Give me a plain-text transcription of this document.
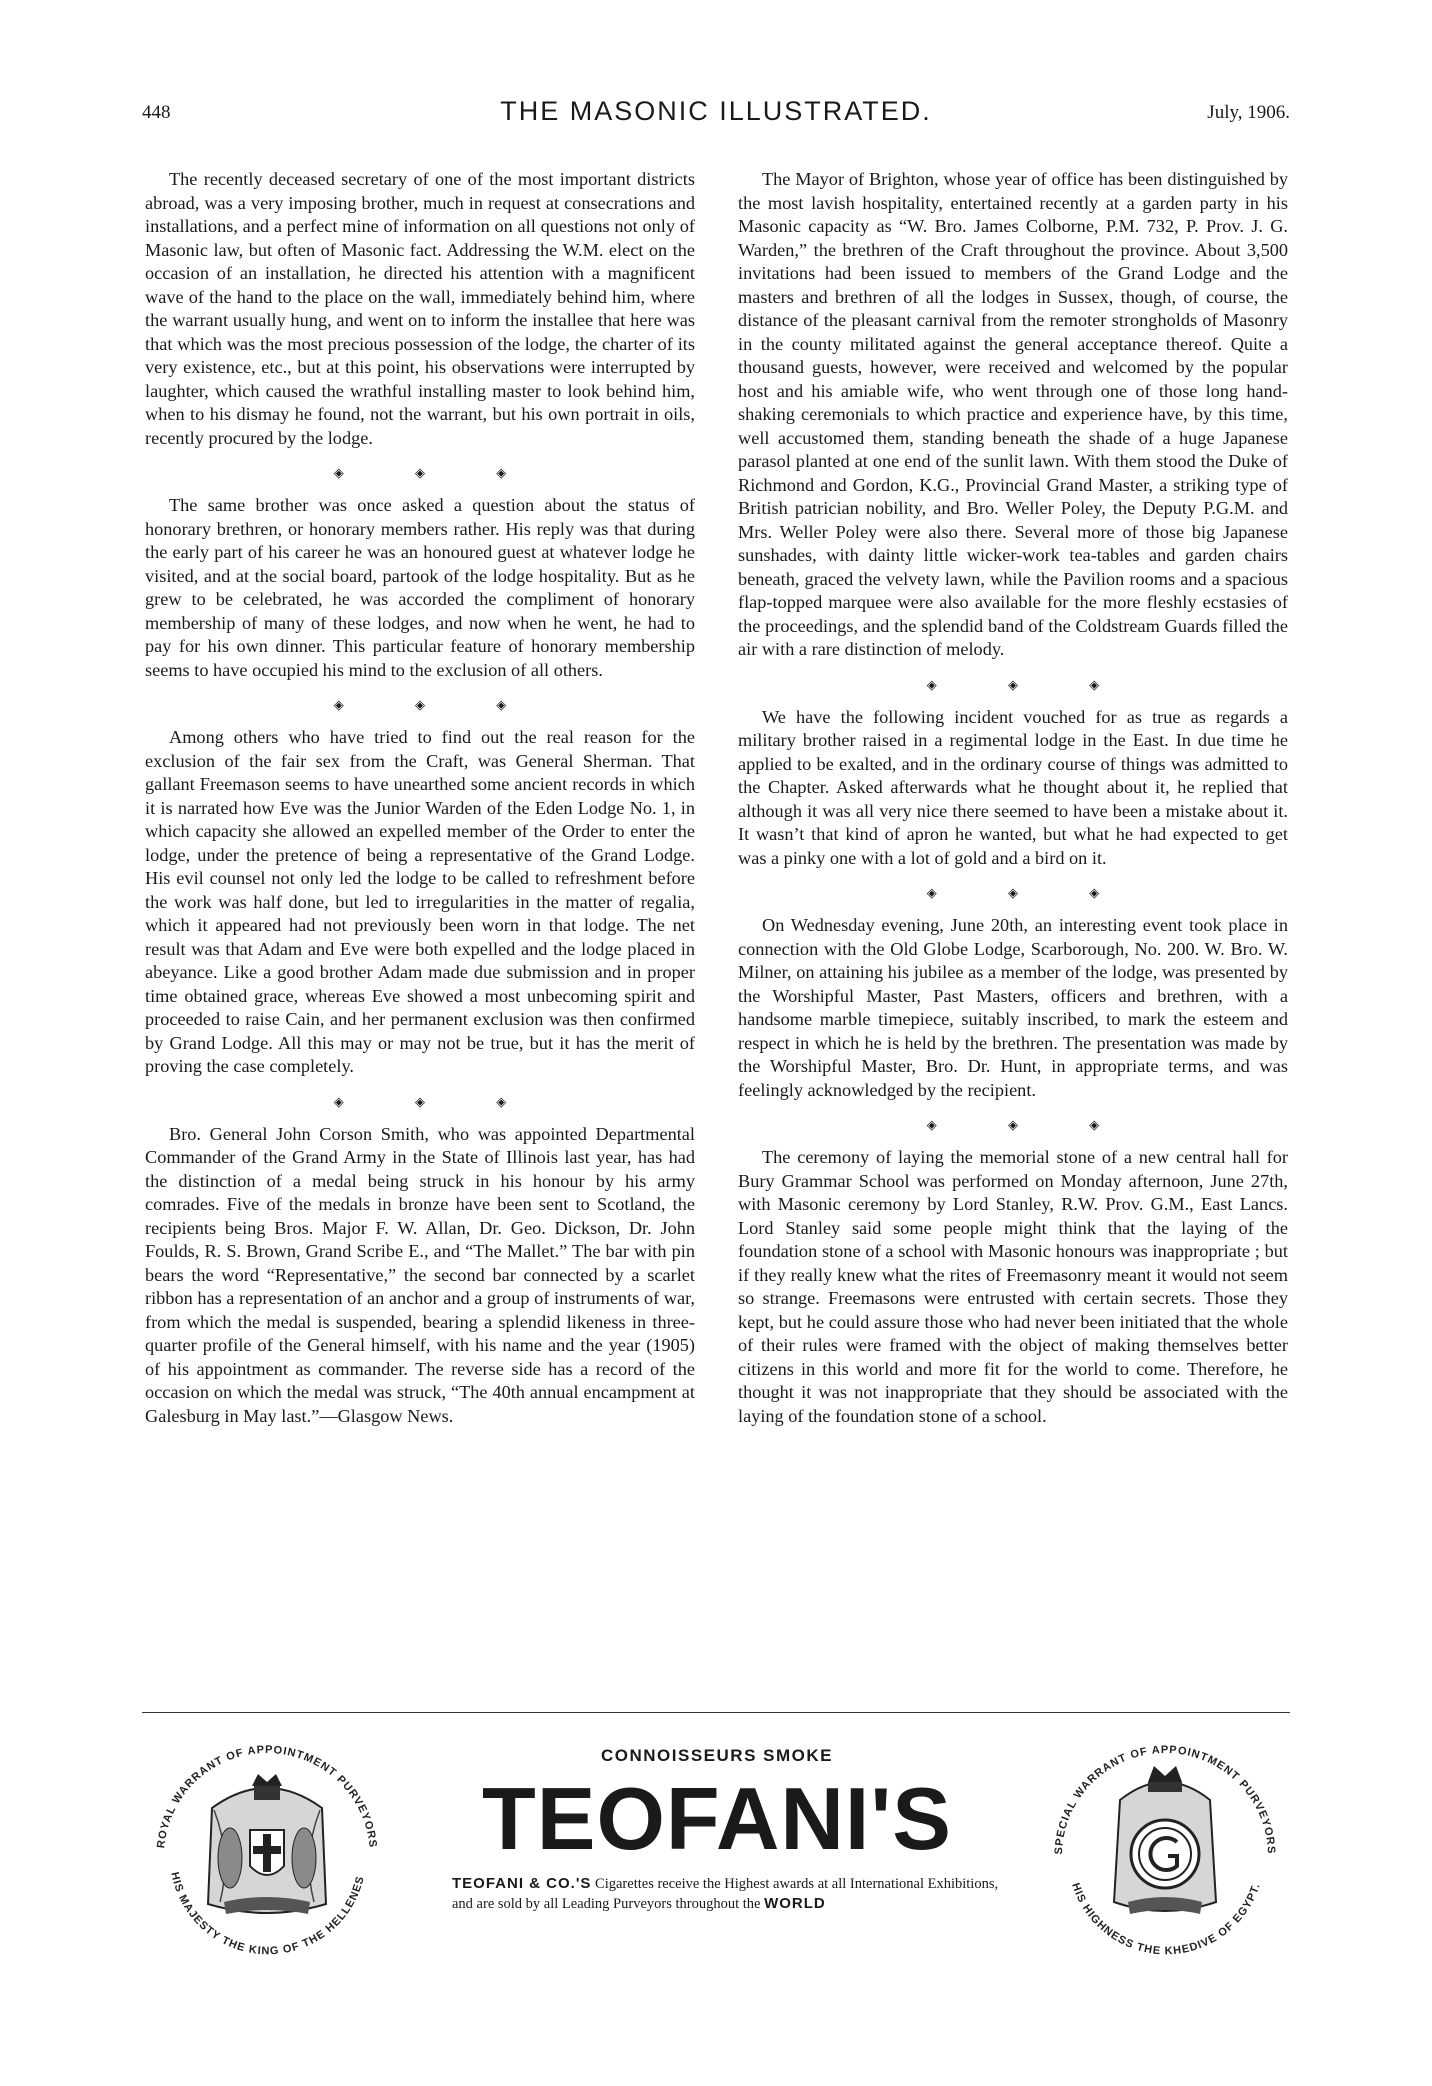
448	THE MASONIC ILLUSTRATED.	July, 1906.

The recently deceased secretary of one of the most important districts abroad, was a very imposing brother, much in request at consecrations and installations, and a perfect mine of information on all questions not only of Masonic law, but often of Masonic fact. Addressing the W.M. elect on the occasion of an installation, he directed his attention with a magnificent wave of the hand to the place on the wall, immediately behind him, where the warrant usually hung, and went on to inform the installee that here was that which was the most precious possession of the lodge, the charter of its very existence, etc., but at this point, his observations were interrupted by laughter, which caused the wrathful installing master to look behind him, when to his dismay he found, not the warrant, but his own portrait in oils, recently procured by the lodge.

◈ ◈ ◈

The same brother was once asked a question about the status of honorary brethren, or honorary members rather. His reply was that during the early part of his career he was an honoured guest at whatever lodge he visited, and at the social board, partook of the lodge hospitality. But as he grew to be celebrated, he was accorded the compliment of honorary membership of many of these lodges, and now when he went, he had to pay for his own dinner. This particular feature of honorary membership seems to have occupied his mind to the exclusion of all others.

◈ ◈ ◈

Among others who have tried to find out the real reason for the exclusion of the fair sex from the Craft, was General Sherman. That gallant Freemason seems to have unearthed some ancient records in which it is narrated how Eve was the Junior Warden of the Eden Lodge No. 1, in which capacity she allowed an expelled member of the Order to enter the lodge, under the pretence of being a representative of the Grand Lodge. His evil counsel not only led the lodge to be called to refreshment before the work was half done, but led to irregularities in the matter of regalia, which it appeared had not previously been worn in that lodge. The net result was that Adam and Eve were both expelled and the lodge placed in abeyance. Like a good brother Adam made due submission and in proper time obtained grace, whereas Eve showed a most unbecoming spirit and proceeded to raise Cain, and her permanent exclusion was then confirmed by Grand Lodge. All this may or may not be true, but it has the merit of proving the case completely.

◈ ◈ ◈

Bro. General John Corson Smith, who was appointed Departmental Commander of the Grand Army in the State of Illinois last year, has had the distinction of a medal being struck in his honour by his army comrades. Five of the medals in bronze have been sent to Scotland, the recipients being Bros. Major F. W. Allan, Dr. Geo. Dickson, Dr. John Foulds, R. S. Brown, Grand Scribe E., and “The Mallet.” The bar with pin bears the word “Representative,” the second bar connected by a scarlet ribbon has a representation of an anchor and a group of instruments of war, from which the medal is suspended, bearing a splendid likeness in three-quarter profile of the General himself, with his name and the year (1905) of his appointment as commander. The reverse side has a record of the occasion on which the medal was struck, “The 40th annual encampment at Galesburg in May last.”—Glasgow News.

The Mayor of Brighton, whose year of office has been distinguished by the most lavish hospitality, entertained recently at a garden party in his Masonic capacity as “W. Bro. James Colborne, P.M. 732, P. Prov. J. G. Warden,” the brethren of the Craft throughout the province. About 3,500 invitations had been issued to members of the Grand Lodge and the masters and brethren of all the lodges in Sussex, though, of course, the distance of the pleasant carnival from the remoter strongholds of Masonry in the county militated against the general acceptance thereof. Quite a thousand guests, however, were received and welcomed by the popular host and his amiable wife, who went through one of those long hand-shaking ceremonials to which practice and experience have, by this time, well accustomed them, standing beneath the shade of a huge Japanese parasol planted at one end of the sunlit lawn. With them stood the Duke of Richmond and Gordon, K.G., Provincial Grand Master, a striking type of British patrician nobility, and Bro. Weller Poley, the Deputy P.G.M. and Mrs. Weller Poley were also there. Several more of those big Japanese sunshades, with dainty little wicker-work tea-tables and garden chairs beneath, graced the velvety lawn, while the Pavilion rooms and a spacious flap-topped marquee were also available for the more fleshly ecstasies of the proceedings, and the splendid band of the Coldstream Guards filled the air with a rare distinction of melody.

◈ ◈ ◈

We have the following incident vouched for as true as regards a military brother raised in a regimental lodge in the East. In due time he applied to be exalted, and in the ordinary course of things was admitted to the Chapter. Asked afterwards what he thought about it, he replied that although it was all very nice there seemed to have been a mistake about it. It wasn’t that kind of apron he wanted, but what he had expected to get was a pinky one with a lot of gold and a bird on it.

◈ ◈ ◈

On Wednesday evening, June 20th, an interesting event took place in connection with the Old Globe Lodge, Scarborough, No. 200. W. Bro. W. Milner, on attaining his jubilee as a member of the lodge, was presented by the Worshipful Master, Past Masters, officers and brethren, with a handsome marble timepiece, suitably inscribed, to mark the esteem and respect in which he is held by the brethren. The presentation was made by the Worshipful Master, Bro. Dr. Hunt, in appropriate terms, and was feelingly acknowledged by the recipient.

◈ ◈ ◈

The ceremony of laying the memorial stone of a new central hall for Bury Grammar School was performed on Monday afternoon, June 27th, with Masonic ceremony by Lord Stanley, R.W. Prov. G.M., East Lancs. Lord Stanley said some people might think that the laying of the foundation stone of a school with Masonic honours was inappropriate ; but if they really knew what the rites of Freemasonry meant it would not seem so strange. Freemasons were entrusted with certain secrets. Those they kept, but he could assure those who had never been initiated that the whole of their rules were framed with the object of making themselves better citizens in this world and more fit for the world to come. Therefore, he thought it was not inappropriate that they should be associated with the laying of the foundation stone of a school.

ROYAL WARRANT OF APPOINTMENT PURVEYORS
HIS MAJESTY THE KING OF THE HELLENES
CONNOISSEURS SMOKE
TEOFANI'S
TEOFANI & CO.'S Cigarettes receive the Highest awards at all International Exhibitions, and are sold by all Leading Purveyors throughout the WORLD
SPECIAL WARRANT OF APPOINTMENT PURVEYORS
HIS HIGHNESS THE KHEDIVE OF EGYPT.
